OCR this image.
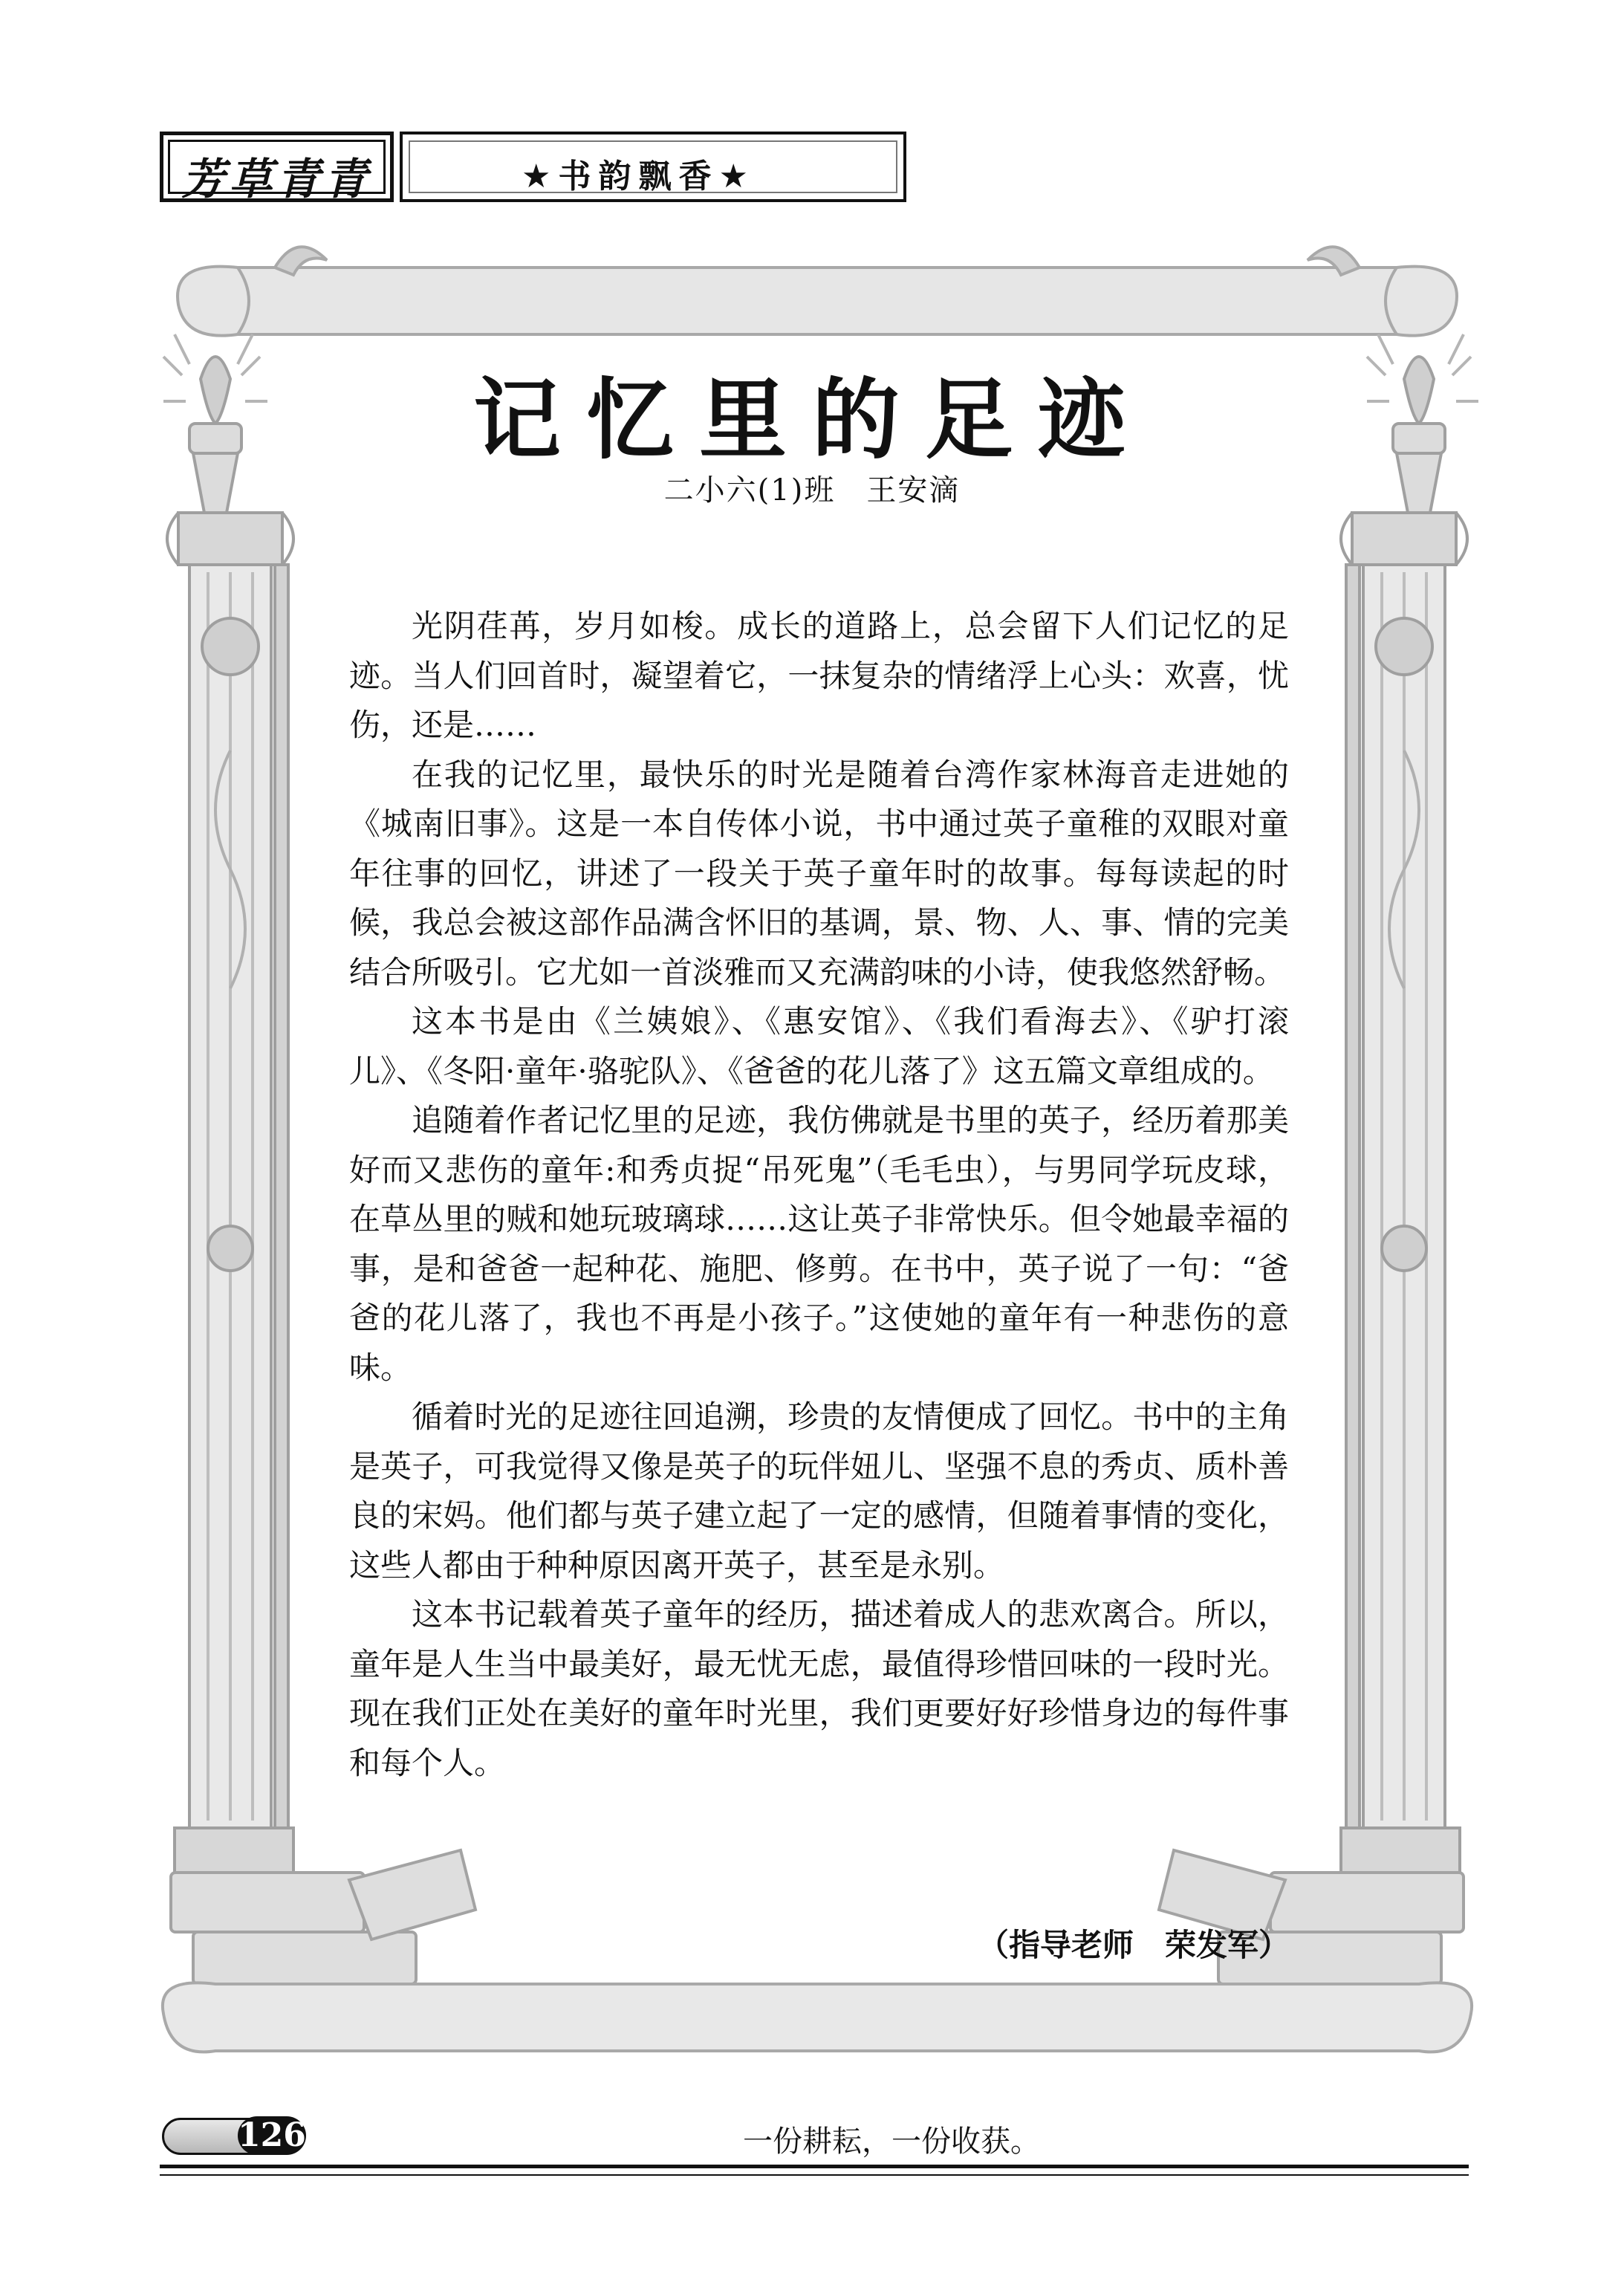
芳草青青	★书韵飘香★
记忆里的足迹
二小六(1)班　王安滴

光阴荏苒，岁月如梭。成长的道路上，总会留下人们记忆的足迹。当人们回首时，凝望着它，一抹复杂的情绪浮上心头：欢喜，忧伤，还是……

在我的记忆里，最快乐的时光是随着台湾作家林海音走进她的《城南旧事》。这是一本自传体小说，书中通过英子童稚的双眼对童年往事的回忆，讲述了一段关于英子童年时的故事。每每读起的时候，我总会被这部作品满含怀旧的基调，景、物、人、事、情的完美结合所吸引。它尤如一首淡雅而又充满韵味的小诗，使我悠然舒畅。

这本书是由《兰姨娘》、《惠安馆》、《我们看海去》、《驴打滚儿》、《冬阳·童年·骆驼队》、《爸爸的花儿落了》这五篇文章组成的。

追随着作者记忆里的足迹，我仿佛就是书里的英子，经历着那美好而又悲伤的童年:和秀贞捉“吊死鬼”（毛毛虫），与男同学玩皮球，在草丛里的贼和她玩玻璃球……这让英子非常快乐。但令她最幸福的事，是和爸爸一起种花、施肥、修剪。在书中，英子说了一句：“爸爸的花儿落了，我也不再是小孩子。”这使她的童年有一种悲伤的意味。

循着时光的足迹往回追溯，珍贵的友情便成了回忆。书中的主角是英子，可我觉得又像是英子的玩伴妞儿、坚强不息的秀贞、质朴善良的宋妈。他们都与英子建立起了一定的感情，但随着事情的变化，这些人都由于种种原因离开英子，甚至是永别。

这本书记载着英子童年的经历，描述着成人的悲欢离合。所以，童年是人生当中最美好，最无忧无虑，最值得珍惜回味的一段时光。现在我们正处在美好的童年时光里，我们更要好好珍惜身边的每件事和每个人。

（指导老师　荣发军）
126	一份耕耘，一份收获。
